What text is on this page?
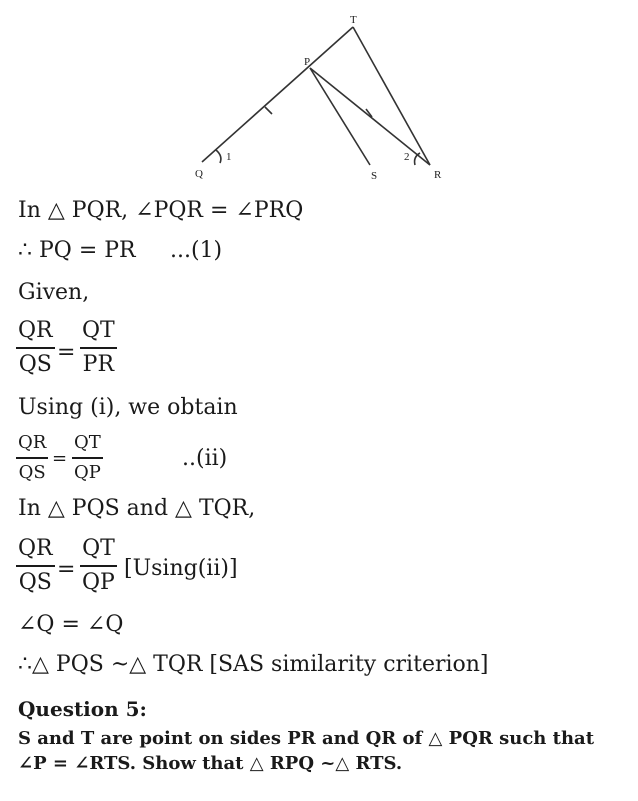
T
P
Q	S	R
1	2
In △ PQR, ∠PQR = ∠PRQ
∴ PQ = PR ...(1)
Given,
QR
QS =
QT
PR
Using (i), we obtain
QR
QS
=
QT
QP
..(ii)
In △ PQS and △ TQR,
QR
QS =
QT
QP
[Using(ii)]
∠Q = ∠Q
∴△ PQS ~△ TQR [SAS similarity criterion]
Question 5:
S and T are point on sides PR and QR of △ PQR such that
∠P = ∠RTS. Show that △ RPQ ~△ RTS.
